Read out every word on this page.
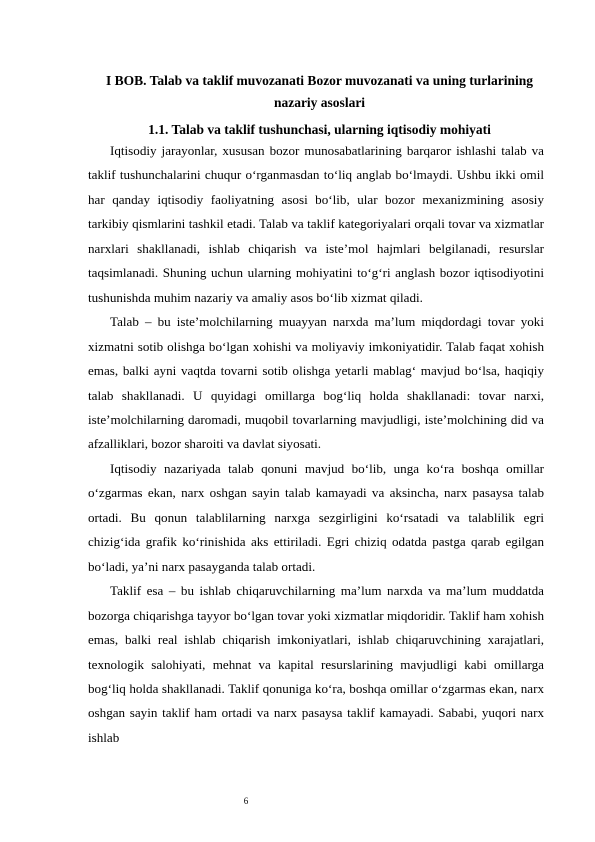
I BOB. Talab va taklif muvozanati Bozor muvozanati va uning turlarining nazariy asoslari
1.1. Talab va taklif tushunchasi, ularning iqtisodiy mohiyati

Iqtisodiy jarayonlar, xususan bozor munosabatlarining barqaror ishlashi talab va taklif tushunchalarini chuqur o‘rganmasdan to‘liq anglab bo‘lmaydi. Ushbu ikki omil har qanday iqtisodiy faoliyatning asosi bo‘lib, ular bozor mexanizmining asosiy tarkibiy qismlarini tashkil etadi. Talab va taklif kategoriyalari orqali tovar va xizmatlar narxlari shakllanadi, ishlab chiqarish va iste’mol hajmlari belgilanadi, resurslar taqsimlanadi. Shuning uchun ularning mohiyatini to‘g‘ri anglash bozor iqtisodiyotini tushunishda muhim nazariy va amaliy asos bo‘lib xizmat qiladi.

Talab – bu iste’molchilarning muayyan narxda ma’lum miqdordagi tovar yoki xizmatni sotib olishga bo‘lgan xohishi va moliyaviy imkoniyatidir. Talab faqat xohish emas, balki ayni vaqtda tovarni sotib olishga yetarli mablag‘ mavjud bo‘lsa, haqiqiy talab shakllanadi. U quyidagi omillarga bog‘liq holda shakllanadi: tovar narxi, iste’molchilarning daromadi, muqobil tovarlarning mavjudligi, iste’molchining did va afzalliklari, bozor sharoiti va davlat siyosati.

Iqtisodiy nazariyada talab qonuni mavjud bo‘lib, unga ko‘ra boshqa omillar o‘zgarmas ekan, narx oshgan sayin talab kamayadi va aksincha, narx pasaysa talab ortadi. Bu qonun talablilarning narxga sezgirligini ko‘rsatadi va talablilik egri chizig‘ida grafik ko‘rinishida aks ettiriladi. Egri chiziq odatda pastga qarab egilgan bo‘ladi, ya’ni narx pasayganda talab ortadi.

Taklif esa – bu ishlab chiqaruvchilarning ma’lum narxda va ma’lum muddatda bozorga chiqarishga tayyor bo‘lgan tovar yoki xizmatlar miqdoridir. Taklif ham xohish emas, balki real ishlab chiqarish imkoniyatlari, ishlab chiqaruvchining xarajatlari, texnologik salohiyati, mehnat va kapital resurslarining mavjudligi kabi omillarga bog‘liq holda shakllanadi. Taklif qonuniga ko‘ra, boshqa omillar o‘zgarmas ekan, narx oshgan sayin taklif ham ortadi va narx pasaysa taklif kamayadi. Sababi, yuqori narx ishlab

6
